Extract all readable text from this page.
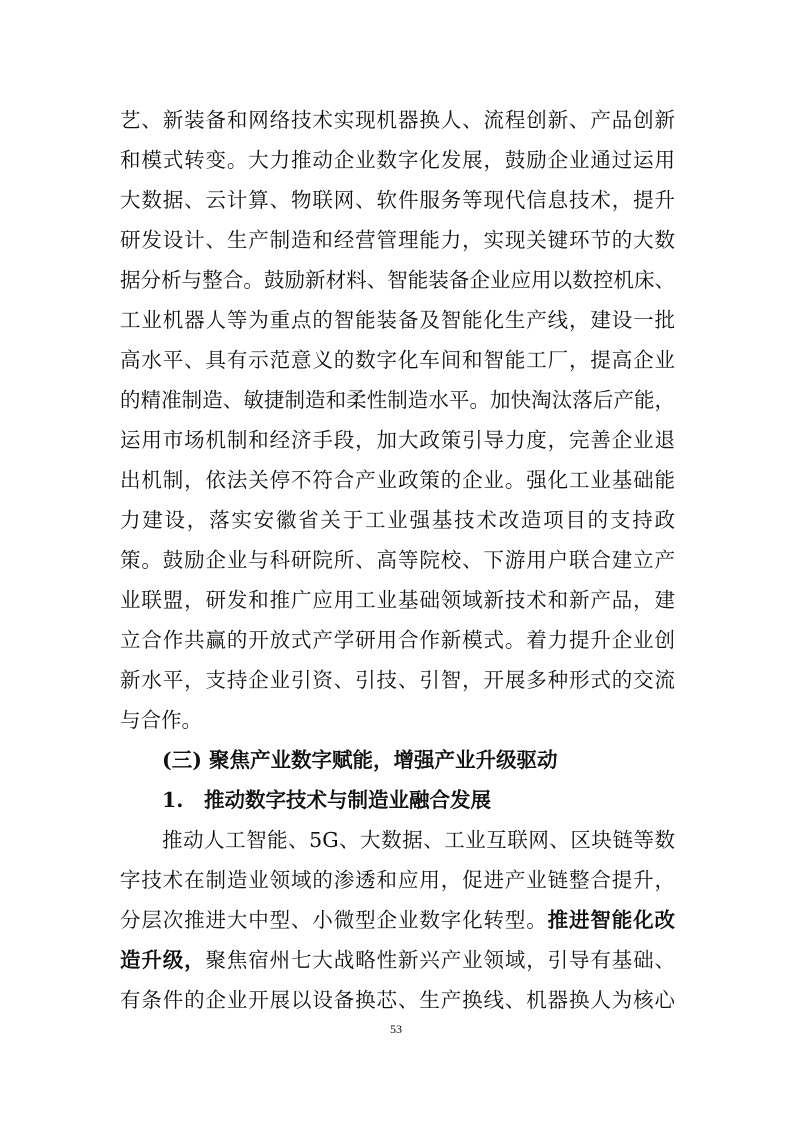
艺、新装备和网络技术实现机器换人、流程创新、产品创新
和模式转变。大力推动企业数字化发展，鼓励企业通过运用
大数据、云计算、物联网、软件服务等现代信息技术，提升
研发设计、生产制造和经营管理能力，实现关键环节的大数
据分析与整合。鼓励新材料、智能装备企业应用以数控机床、
工业机器人等为重点的智能装备及智能化生产线，建设一批
高水平、具有示范意义的数字化车间和智能工厂，提高企业
的精准制造、敏捷制造和柔性制造水平。加快淘汰落后产能，
运用市场机制和经济手段，加大政策引导力度，完善企业退
出机制，依法关停不符合产业政策的企业。强化工业基础能
力建设，落实安徽省关于工业强基技术改造项目的支持政
策。鼓励企业与科研院所、高等院校、下游用户联合建立产
业联盟，研发和推广应用工业基础领域新技术和新产品，建
立合作共赢的开放式产学研用合作新模式。着力提升企业创
新水平，支持企业引资、引技、引智，开展多种形式的交流
与合作。
(三) 聚焦产业数字赋能，增强产业升级驱动
1. 推动数字技术与制造业融合发展
推动人工智能、5G、大数据、工业互联网、区块链等数
字技术在制造业领域的渗透和应用，促进产业链整合提升，
分层次推进大中型、小微型企业数字化转型。推进智能化改
造升级，聚焦宿州七大战略性新兴产业领域，引导有基础、
有条件的企业开展以设备换芯、生产换线、机器换人为核心
53
